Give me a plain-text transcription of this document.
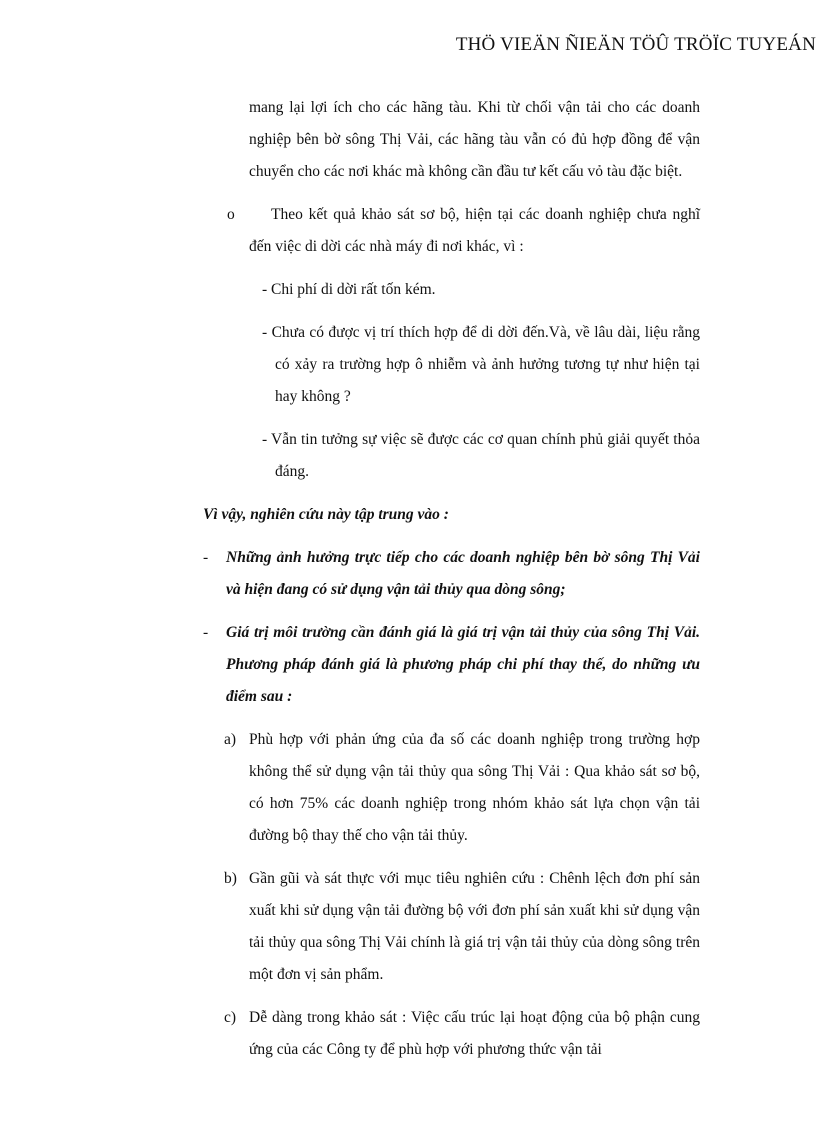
THÖ VIEÄN ÑIEÄN TÖÛ TRÖÏC TUYEÁN

mang lại lợi ích cho các hãng tàu. Khi từ chối vận tải cho các doanh nghiệp bên bờ sông Thị Vải, các hãng tàu vẫn có đủ hợp đồng để vận chuyển cho các nơi khác mà không cần đầu tư kết cấu vỏ tàu đặc biệt.

o	Theo kết quả khảo sát sơ bộ, hiện tại các doanh nghiệp chưa nghĩ đến việc di dời các nhà máy đi nơi khác, vì :

- Chi phí di dời rất tốn kém.

- Chưa có được vị trí thích hợp để di dời đến.Và, về lâu dài, liệu rằng có xảy ra trường hợp ô nhiễm và ảnh hưởng tương tự như hiện tại hay không ?

- Vẫn tin tưởng sự việc sẽ được các cơ quan chính phủ giải quyết thỏa đáng.

Vì vậy, nghiên cứu này tập trung vào :

- Những ảnh hưởng trực tiếp cho các doanh nghiệp bên bờ sông Thị Vải và hiện đang có sử dụng vận tải thủy qua dòng sông;

- Giá trị môi trường cần đánh giá là giá trị vận tải thủy của sông Thị Vải. Phương pháp đánh giá là phương pháp chi phí thay thế, do những ưu điểm sau :

a) Phù hợp với phản ứng của đa số các doanh nghiệp trong trường hợp không thể sử dụng vận tải thủy qua sông Thị Vải : Qua khảo sát sơ bộ, có hơn 75% các doanh nghiệp trong nhóm khảo sát lựa chọn vận tải đường bộ thay thế cho vận tải thủy.

b) Gần gũi và sát thực với mục tiêu nghiên cứu : Chênh lệch đơn phí sản xuất khi sử dụng vận tải đường bộ với đơn phí sản xuất khi sử dụng vận tải thủy qua sông Thị Vải chính là giá trị vận tải thủy của dòng sông trên một đơn vị sản phẩm.

c) Dễ dàng trong khảo sát : Việc cấu trúc lại hoạt động của bộ phận cung ứng của các Công ty để phù hợp với phương thức vận tải
